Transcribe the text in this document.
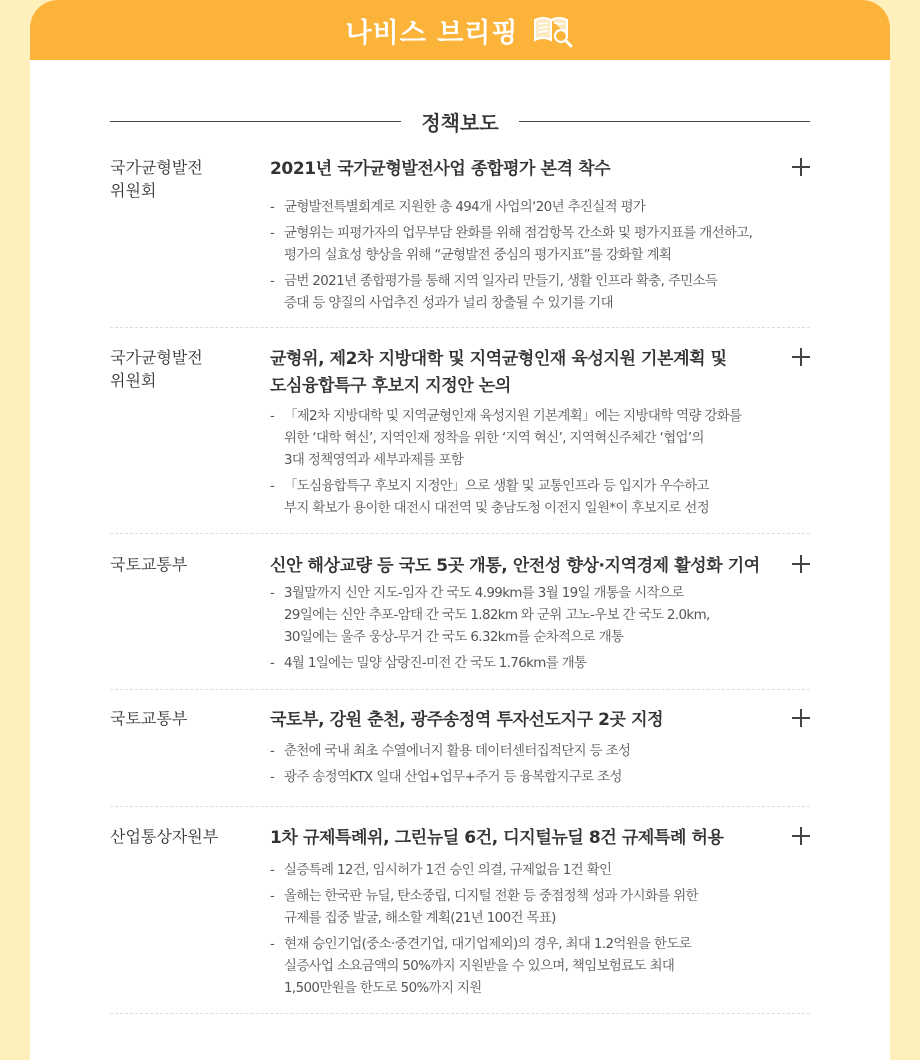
나비스 브리핑
정책보도
국가균형발전
위원회
2021년 국가균형발전사업 종합평가 본격 착수
- 균형발전특별회계로 지원한 총 494개 사업의‘20년 추진실적 평가
- 균형위는 피평가자의 업무부담 완화를 위해 점검항목 간소화 및 평가지표를 개선하고,
평가의 실효성 향상을 위해 “균형발전 중심의 평가지표”를 강화할 계획
- 금번 2021년 종합평가를 통해 지역 일자리 만들기, 생활 인프라 확충, 주민소득
증대 등 양질의 사업추진 성과가 널리 창출될 수 있기를 기대
국가균형발전
위원회
균형위, 제2차 지방대학 및 지역균형인재 육성지원 기본계획 및
도심융합특구 후보지 지정안 논의
- 「제2차 지방대학 및 지역균형인재 육성지원 기본계획」에는 지방대학 역량 강화를
위한 ‘대학 혁신’, 지역인재 정착을 위한 ‘지역 혁신’, 지역혁신주체간 ‘협업’의
3대 정책영역과 세부과제를 포함
- 「도심융합특구 후보지 지정안」으로 생활 및 교통인프라 등 입지가 우수하고
부지 확보가 용이한 대전시 대전역 및 충남도청 이전지 일원*이 후보지로 선정
국토교통부	신안 해상교량 등 국도 5곳 개통, 안전성 향상·지역경제 활성화 기여
- 3월말까지 신안 지도-임자 간 국도 4.99km를 3월 19일 개통을 시작으로
29일에는 신안 추포-암태 간 국도 1.82km 와 군위 고노-우보 간 국도 2.0km,
30일에는 울주 웅상-무거 간 국도 6.32km를 순차적으로 개통
- 4월 1일에는 밀양 삼랑진-미전 간 국도 1.76km를 개통
국토교통부	국토부, 강원 춘천, 광주송정역 투자선도지구 2곳 지정
- 춘천에 국내 최초 수열에너지 활용 데이터센터집적단지 등 조성
- 광주 송정역KTX 일대 산업+업무+주거 등 융복합지구로 조성
산업통상자원부	1차 규제특례위, 그린뉴딜 6건, 디지털뉴딜 8건 규제특례 허용
- 실증특례 12건, 임시허가 1건 승인 의결, 규제없음 1건 확인
- 올해는 한국판 뉴딜, 탄소중립, 디지털 전환 등 중점정책 성과 가시화를 위한
규제를 집중 발굴, 해소할 계획(21년 100건 목표)
- 현재 승인기업(중소·중견기업, 대기업제외)의 경우, 최대 1.2억원을 한도로
실증사업 소요금액의 50%까지 지원받을 수 있으며, 책임보험료도 최대
1,500만원을 한도로 50%까지 지원
